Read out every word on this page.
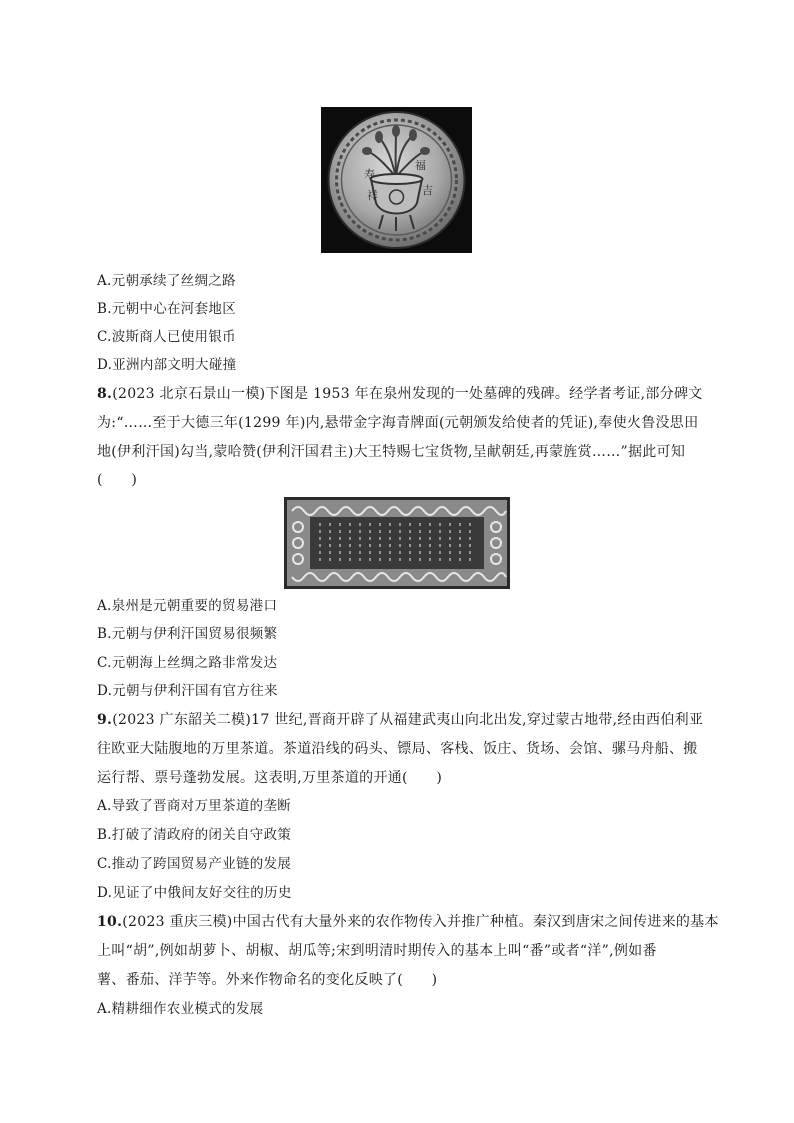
福
寿
吉
祥
A.元朝承续了丝绸之路
B.元朝中心在河套地区
C.波斯商人已使用银币
D.亚洲内部文明大碰撞
8.(2023 北京石景山一模)下图是 1953 年在泉州发现的一处墓碑的残碑。经学者考证,部分碑文
为:“……至于大德三年(1299 年)内,悬带金字海青牌面(元朝颁发给使者的凭证),奉使火鲁没思田
地(伊利汗国)勾当,蒙哈赞(伊利汗国君主)大王特赐七宝货物,呈献朝廷,再蒙旌赏……”据此可知
(　　)
A.泉州是元朝重要的贸易港口
B.元朝与伊利汗国贸易很频繁
C.元朝海上丝绸之路非常发达
D.元朝与伊利汗国有官方往来
9.(2023 广东韶关二模)17 世纪,晋商开辟了从福建武夷山向北出发,穿过蒙古地带,经由西伯利亚
往欧亚大陆腹地的万里茶道。茶道沿线的码头、镖局、客栈、饭庄、货场、会馆、骡马舟船、搬
运行帮、票号蓬勃发展。这表明,万里茶道的开通(　　)
A.导致了晋商对万里茶道的垄断
B.打破了清政府的闭关自守政策
C.推动了跨国贸易产业链的发展
D.见证了中俄间友好交往的历史
10.(2023 重庆三模)中国古代有大量外来的农作物传入并推广种植。秦汉到唐宋之间传进来的基本
上叫“胡”,例如胡萝卜、胡椒、胡瓜等;宋到明清时期传入的基本上叫“番”或者“洋”,例如番
薯、番茄、洋芋等。外来作物命名的变化反映了(　　)
A.精耕细作农业模式的发展
